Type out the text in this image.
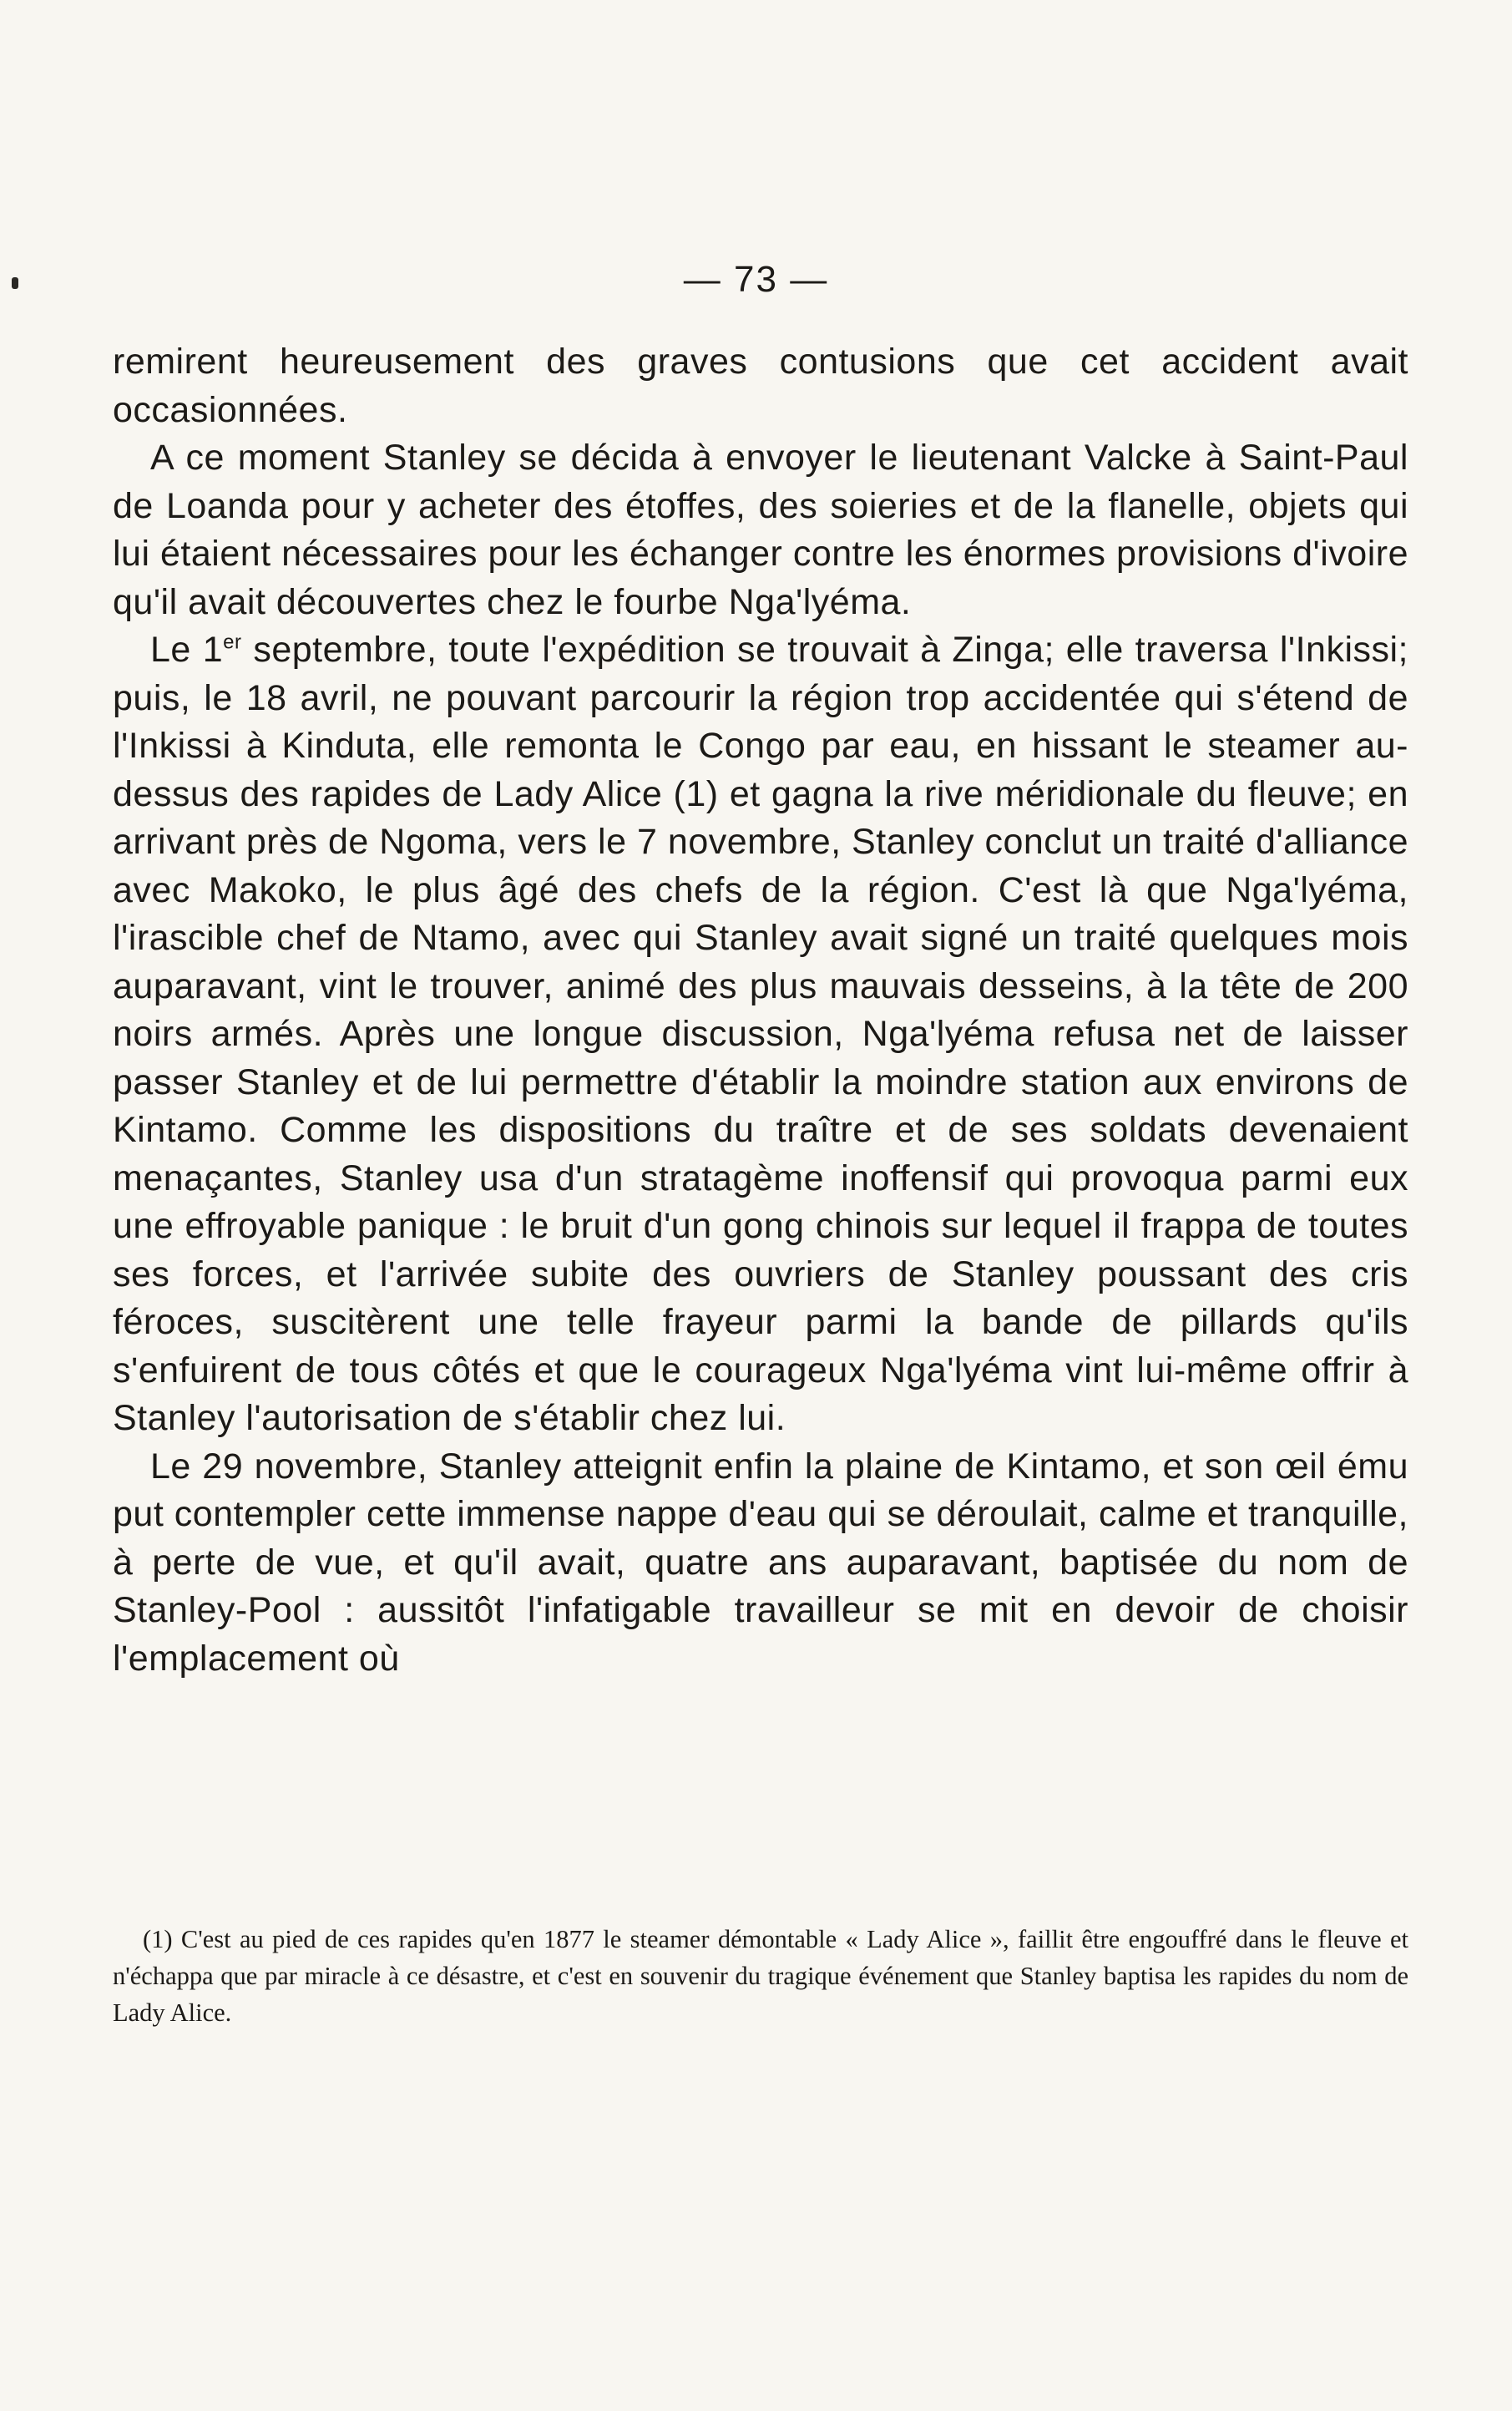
— 73 —

remirent heureusement des graves contusions que cet accident avait occasionnées.

A ce moment Stanley se décida à envoyer le lieutenant Valcke à Saint-Paul de Loanda pour y acheter des étoffes, des soieries et de la flanelle, objets qui lui étaient nécessaires pour les échanger contre les énormes provisions d'ivoire qu'il avait découvertes chez le fourbe Nga'lyéma.

Le 1er septembre, toute l'expédition se trouvait à Zinga; elle traversa l'Inkissi; puis, le 18 avril, ne pouvant parcourir la région trop accidentée qui s'étend de l'Inkissi à Kinduta, elle remonta le Congo par eau, en hissant le steamer au-dessus des rapides de Lady Alice (1) et gagna la rive méridionale du fleuve; en arrivant près de Ngoma, vers le 7 novembre, Stanley conclut un traité d'alliance avec Makoko, le plus âgé des chefs de la région. C'est là que Nga'lyéma, l'irascible chef de Ntamo, avec qui Stanley avait signé un traité quelques mois auparavant, vint le trouver, animé des plus mauvais desseins, à la tête de 200 noirs armés. Après une longue discussion, Nga'lyéma refusa net de laisser passer Stanley et de lui permettre d'établir la moindre station aux environs de Kintamo. Comme les dispositions du traître et de ses soldats devenaient menaçantes, Stanley usa d'un stratagème inoffensif qui provoqua parmi eux une effroyable panique : le bruit d'un gong chinois sur lequel il frappa de toutes ses forces, et l'arrivée subite des ouvriers de Stanley poussant des cris féroces, suscitèrent une telle frayeur parmi la bande de pillards qu'ils s'enfuirent de tous côtés et que le courageux Nga'lyéma vint lui-même offrir à Stanley l'autorisation de s'établir chez lui.

Le 29 novembre, Stanley atteignit enfin la plaine de Kintamo, et son œil ému put contempler cette immense nappe d'eau qui se déroulait, calme et tranquille, à perte de vue, et qu'il avait, quatre ans auparavant, baptisée du nom de Stanley-Pool : aussitôt l'infatigable travailleur se mit en devoir de choisir l'emplacement où

(1) C'est au pied de ces rapides qu'en 1877 le steamer démontable « Lady Alice », faillit être engouffré dans le fleuve et n'échappa que par miracle à ce désastre, et c'est en souvenir du tragique événement que Stanley baptisa les rapides du nom de Lady Alice.
